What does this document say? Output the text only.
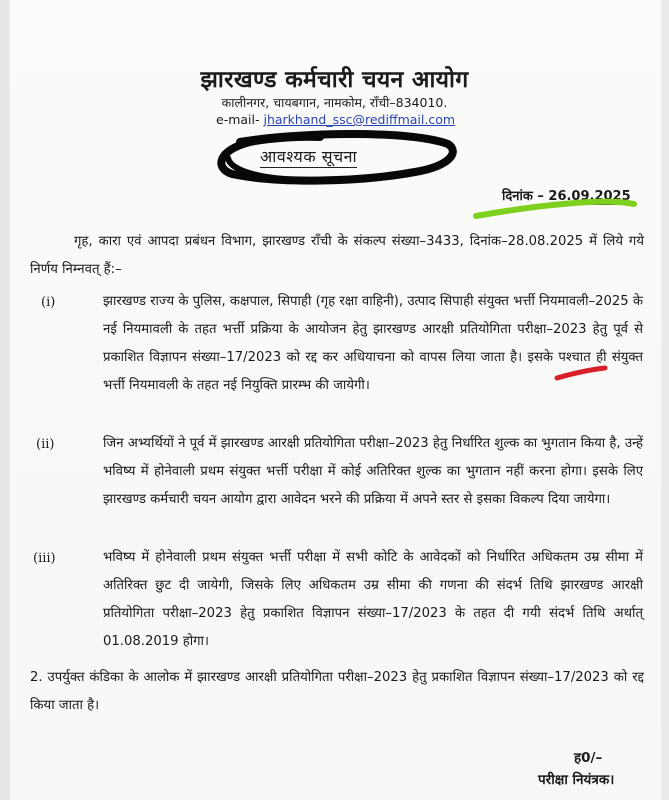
झारखण्ड कर्मचारी चयन आयोग
कालीनगर, चायबगान, नामकोम, राँची–834010.
e-mail- jharkhand_ssc@rediffmail.com
आवश्यक सूचना
दिनांक – 26.09.2025

गृह, कारा एवं आपदा प्रबंधन विभाग, झारखण्ड राँची के संकल्प संख्या–3433, दिनांक–28.08.2025 में लिये गये निर्णय निम्नवत् हैं:–

(i)	झारखण्ड राज्य के पुलिस, कक्षपाल, सिपाही (गृह रक्षा वाहिनी), उत्पाद सिपाही संयुक्त भर्त्ती नियमावली–2025 के नई नियमावली के तहत भर्त्ती प्रक्रिया के आयोजन हेतु झारखण्ड आरक्षी प्रतियोगिता परीक्षा–2023 हेतु पूर्व से प्रकाशित विज्ञापन संख्या–17/2023 को रद्द कर अधियाचना को वापस लिया जाता है। इसके पश्चात ही संयुक्त भर्त्ती नियमावली के तहत नई नियुक्ति प्रारम्भ की जायेगी।

(ii)	जिन अभ्यर्थियों ने पूर्व में झारखण्ड आरक्षी प्रतियोगिता परीक्षा–2023 हेतु निर्धारित शुल्क का भुगतान किया है, उन्हें भविष्य में होनेवाली प्रथम संयुक्त भर्त्ती परीक्षा में कोई अतिरिक्त शुल्क का भुगतान नहीं करना होगा। इसके लिए झारखण्ड कर्मचारी चयन आयोग द्वारा आवेदन भरने की प्रक्रिया में अपने स्तर से इसका विकल्प दिया जायेगा।

(iii)	भविष्य में होनेवाली प्रथम संयुक्त भर्त्ती परीक्षा में सभी कोटि के आवेदकों को निर्धारित अधिकतम उम्र सीमा में अतिरिक्त छुट दी जायेगी, जिसके लिए अधिकतम उम्र सीमा की गणना की संदर्भ तिथि झारखण्ड आरक्षी प्रतियोगिता परीक्षा–2023 हेतु प्रकाशित विज्ञापन संख्या–17/2023 के तहत दी गयी संदर्भ तिथि अर्थात् 01.08.2019 होगा।

2. उपर्युक्त कंडिका के आलोक में झारखण्ड आरक्षी प्रतियोगिता परीक्षा–2023 हेतु प्रकाशित विज्ञापन संख्या–17/2023 को रद्द किया जाता है।

ह0/–
परीक्षा नियंत्रक।
